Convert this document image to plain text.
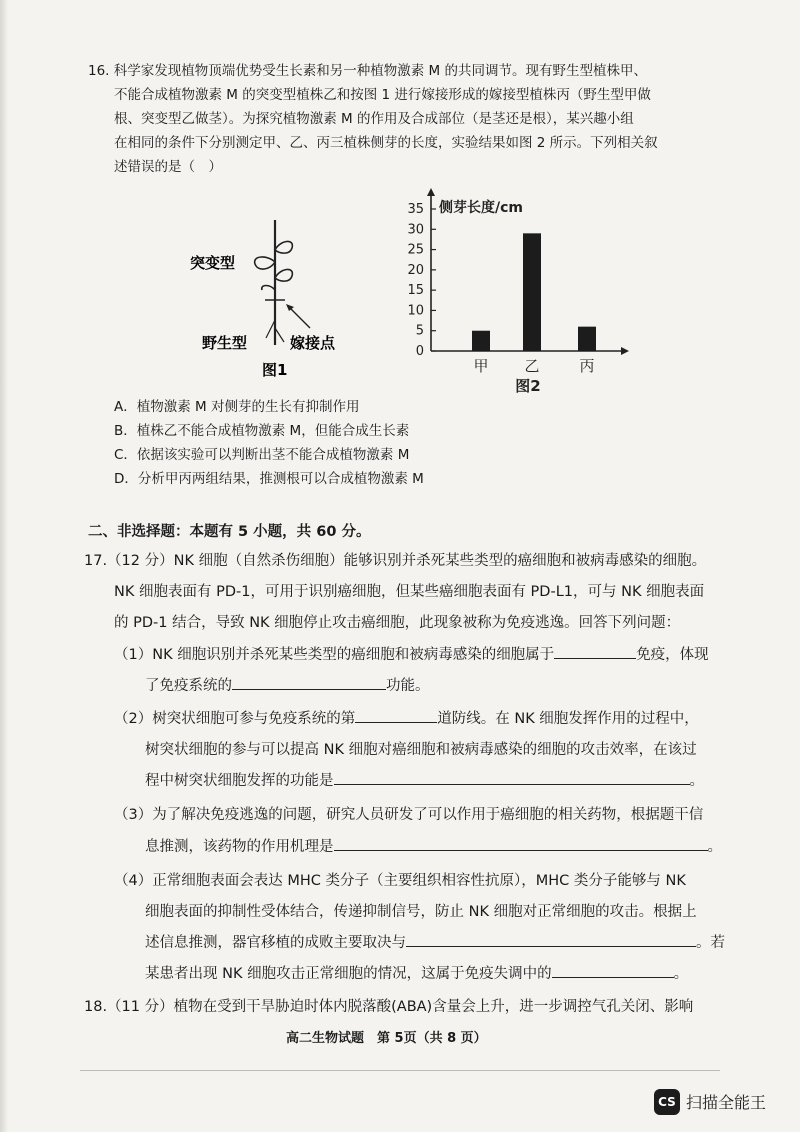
16. 科学家发现植物顶端优势受生长素和另一种植物激素 M 的共同调节。现有野生型植株甲、
不能合成植物激素 M 的突变型植株乙和按图 1 进行嫁接形成的嫁接型植株丙（野生型甲做
根、突变型乙做茎）。为探究植物激素 M 的作用及合成部位（是茎还是根），某兴趣小组
在相同的条件下分别测定甲、乙、丙三植株侧芽的长度，实验结果如图 2 所示。下列相关叙
述错误的是（　）
突变型
野生型	嫁接点
图1
0
5
10
15
20
25
30
35 侧芽长度/cm
甲 乙	丙
图2
A．植物激素 M 对侧芽的生长有抑制作用
B．植株乙不能合成植物激素 M，但能合成生长素
C．依据该实验可以判断出茎不能合成植物激素 M
D．分析甲丙两组结果，推测根可以合成植物激素 M
二、非选择题：本题有 5 小题，共 60 分。
17.（12 分）NK 细胞（自然杀伤细胞）能够识别并杀死某些类型的癌细胞和被病毒感染的细胞。
NK 细胞表面有 PD-1，可用于识别癌细胞，但某些癌细胞表面有 PD-L1，可与 NK 细胞表面
的 PD-1 结合，导致 NK 细胞停止攻击癌细胞，此现象被称为免疫逃逸。回答下列问题：
（1）NK 细胞识别并杀死某些类型的癌细胞和被病毒感染的细胞属于	免疫，体现
了免疫系统的	功能。
（2）树突状细胞可参与免疫系统的第	道防线。在 NK 细胞发挥作用的过程中，
树突状细胞的参与可以提高 NK 细胞对癌细胞和被病毒感染的细胞的攻击效率，在该过
程中树突状细胞发挥的功能是	。
（3）为了解决免疫逃逸的问题，研究人员研发了可以作用于癌细胞的相关药物，根据题干信
息推测，该药物的作用机理是	。
（4）正常细胞表面会表达 MHC 类分子（主要组织相容性抗原），MHC 类分子能够与 NK
细胞表面的抑制性受体结合，传递抑制信号，防止 NK 细胞对正常细胞的攻击。根据上
述信息推测，器官移植的成败主要取决与	。若
某患者出现 NK 细胞攻击正常细胞的情况，这属于免疫失调中的	。
18.（11 分）植物在受到干旱胁迫时体内脱落酸(ABA)含量会上升，进一步调控气孔关闭、影响
高二生物试题　第 5页（共 8 页）
CS 扫描全能王
